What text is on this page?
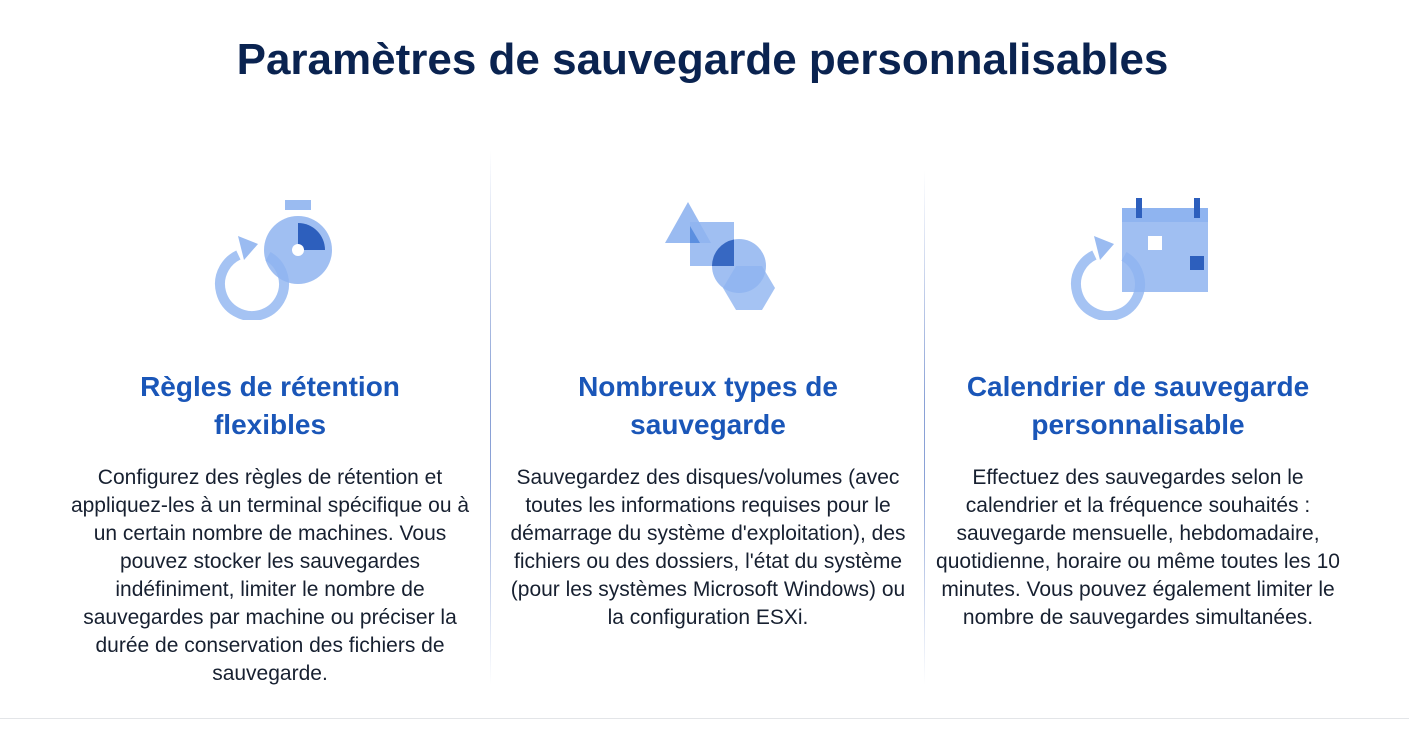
Paramètres de sauvegarde personnalisables
Règles de rétention
flexibles

Configurez des règles de rétention et appliquez-les à un terminal spécifique ou à un certain nombre de machines. Vous pouvez stocker les sauvegardes indéfiniment, limiter le nombre de sauvegardes par machine ou préciser la durée de conservation des fichiers de sauvegarde.

Nombreux types de
sauvegarde

Sauvegardez des disques/volumes (avec toutes les informations requises pour le démarrage du système d'exploitation), des fichiers ou des dossiers, l'état du système (pour les systèmes Microsoft Windows) ou la configuration ESXi.

Calendrier de sauvegarde
personnalisable

Effectuez des sauvegardes selon le calendrier et la fréquence souhaités : sauvegarde mensuelle, hebdomadaire, quotidienne, horaire ou même toutes les 10 minutes. Vous pouvez également limiter le nombre de sauvegardes simultanées.
